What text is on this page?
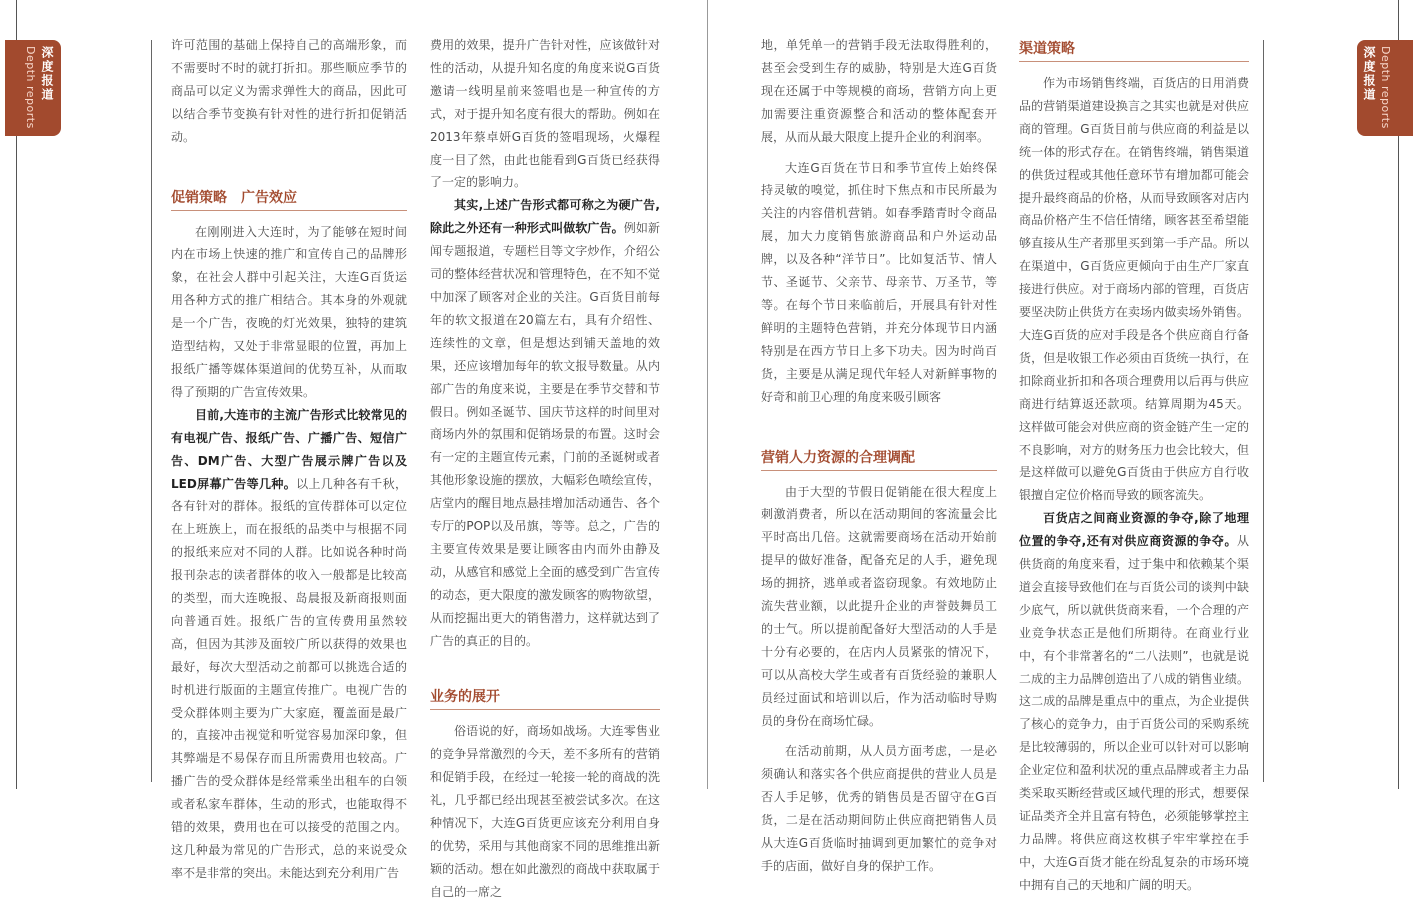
深度报道
Depth reports

许可范围的基础上保持自己的高端形象，而不需要时不时的就打折扣。那些顺应季节的商品可以定义为需求弹性大的商品，因此可以结合季节变换有针对性的进行折扣促销活动。

促销策略　广告效应

在刚刚进入大连时，为了能够在短时间内在市场上快速的推广和宣传自己的品牌形象，在社会人群中引起关注，大连G百货运用各种方式的推广相结合。其本身的外观就是一个广告，夜晚的灯光效果，独特的建筑造型结构，又处于非常显眼的位置，再加上报纸广播等媒体渠道间的优势互补，从而取得了预期的广告宣传效果。

目前,大连市的主流广告形式比较常见的有电视广告、报纸广告、广播广告、短信广告、DM广告、大型广告展示牌广告以及LED屏幕广告等几种。以上几种各有千秋，各有针对的群体。报纸的宣传群体可以定位在上班族上，而在报纸的品类中与根据不同的报纸来应对不同的人群。比如说各种时尚报刊杂志的读者群体的收入一般都是比较高的类型，而大连晚报、岛晨报及新商报则面向普通百姓。报纸广告的宣传费用虽然较高，但因为其涉及面较广所以获得的效果也最好，每次大型活动之前都可以挑选合适的时机进行版面的主题宣传推广。电视广告的受众群体则主要为广大家庭，覆盖面是最广的，直接冲击视觉和听觉容易加深印象，但其弊端是不易保存而且所需费用也较高。广播广告的受众群体是经常乘坐出租车的白领或者私家车群体，生动的形式，也能取得不错的效果，费用也在可以接受的范围之内。这几种最为常见的广告形式，总的来说受众率不是非常的突出。未能达到充分利用广告

费用的效果，提升广告针对性，应该做针对性的活动，从提升知名度的角度来说G百货邀请一线明星前来签唱也是一种宣传的方式，对于提升知名度有很大的帮助。例如在2013年蔡卓妍G百货的签唱现场，火爆程度一目了然，由此也能看到G百货已经获得了一定的影响力。

其实,上述广告形式都可称之为硬广告,除此之外还有一种形式叫做软广告。例如新闻专题报道，专题栏目等文字炒作，介绍公司的整体经营状况和管理特色，在不知不觉中加深了顾客对企业的关注。G百货目前每年的软文报道在20篇左右，具有介绍性、连续性的文章，但是想达到铺天盖地的效果，还应该增加每年的软文报导数量。从内部广告的角度来说，主要是在季节交替和节假日。例如圣诞节、国庆节这样的时间里对商场内外的氛围和促销场景的布置。这时会有一定的主题宣传元素，门前的圣诞树或者其他形象设施的摆放，大幅彩色喷绘宣传，店堂内的醒目地点悬挂增加活动通告、各个专厅的POP以及吊旗，等等。总之，广告的主要宣传效果是要让顾客由内而外由静及动，从感官和感觉上全面的感受到广告宣传的动态，更大限度的激发顾客的购物欲望，从而挖掘出更大的销售潜力，这样就达到了广告的真正的目的。

业务的展开

俗语说的好，商场如战场。大连零售业的竞争异常激烈的今天，差不多所有的营销和促销手段，在经过一轮接一轮的商战的洗礼，几乎都已经出现甚至被尝试多次。在这种情况下，大连G百货更应该充分利用自身的优势，采用与其他商家不同的思维推出新颖的活动。想在如此激烈的商战中获取属于自己的一席之

深度报道 Depth reports

地，单凭单一的营销手段无法取得胜利的，甚至会受到生存的威胁，特别是大连G百货现在还属于中等规模的商场，营销方向上更加需要注重资源整合和活动的整体配套开展，从而从最大限度上提升企业的利润率。

大连G百货在节日和季节宣传上始终保持灵敏的嗅觉，抓住时下焦点和市民所最为关注的内容借机营销。如春季踏青时令商品展，加大力度销售旅游商品和户外运动品牌，以及各种“洋节日”。比如复活节、情人节、圣诞节、父亲节、母亲节、万圣节，等等。在每个节日来临前后，开展具有针对性鲜明的主题特色营销，并充分体现节日内涵特别是在西方节日上多下功夫。因为时尚百货，主要是从满足现代年轻人对新鲜事物的好奇和前卫心理的角度来吸引顾客

营销人力资源的合理调配

由于大型的节假日促销能在很大程度上刺激消费者，所以在活动期间的客流量会比平时高出几倍。这就需要商场在活动开始前提早的做好准备，配备充足的人手，避免现场的拥挤，逃单或者盗窃现象。有效地防止流失营业额，以此提升企业的声誉鼓舞员工的士气。所以提前配备好大型活动的人手是十分有必要的，在店内人员紧张的情况下，可以从高校大学生或者有百货经验的兼职人员经过面试和培训以后，作为活动临时导购员的身份在商场忙碌。

在活动前期，从人员方面考虑，一是必须确认和落实各个供应商提供的营业人员是否人手足够，优秀的销售员是否留守在G百货，二是在活动期间防止供应商把销售人员从大连G百货临时抽调到更加繁忙的竞争对手的店面，做好自身的保护工作。

渠道策略

作为市场销售终端，百货店的日用消费品的营销渠道建设换言之其实也就是对供应商的管理。G百货目前与供应商的利益是以统一体的形式存在。在销售终端，销售渠道的供货过程或其他任意环节有增加都可能会提升最终商品的价格，从而导致顾客对店内商品价格产生不信任情绪，顾客甚至希望能够直接从生产者那里买到第一手产品。所以在渠道中，G百货应更倾向于由生产厂家直接进行供应。对于商场内部的管理，百货店要坚决防止供货方在卖场内做卖场外销售。大连G百货的应对手段是各个供应商自行备货，但是收银工作必须由百货统一执行，在扣除商业折扣和各项合理费用以后再与供应商进行结算返还款项。结算周期为45天。这样做可能会对供应商的资金链产生一定的不良影响，对方的财务压力也会比较大，但是这样做可以避免G百货由于供应方自行收银擅自定位价格而导致的顾客流失。

百货店之间商业资源的争夺,除了地理位置的争夺,还有对供应商资源的争夺。从供货商的角度来看，过于集中和依赖某个渠道会直接导致他们在与百货公司的谈判中缺少底气，所以就供货商来看，一个合理的产业竞争状态正是他们所期待。在商业行业中，有个非常著名的“二八法则”，也就是说二成的主力品牌创造出了八成的销售业绩。这二成的品牌是重点中的重点，为企业提供了核心的竞争力，由于百货公司的采购系统是比较薄弱的，所以企业可以针对可以影响企业定位和盈利状况的重点品牌或者主力品类采取买断经营或区域代理的形式，想要保证品类齐全并且富有特色，必须能够掌控主力品牌。将供应商这枚棋子牢牢掌控在手中，大连G百货才能在纷乱复杂的市场环境中拥有自己的天地和广阔的明天。
